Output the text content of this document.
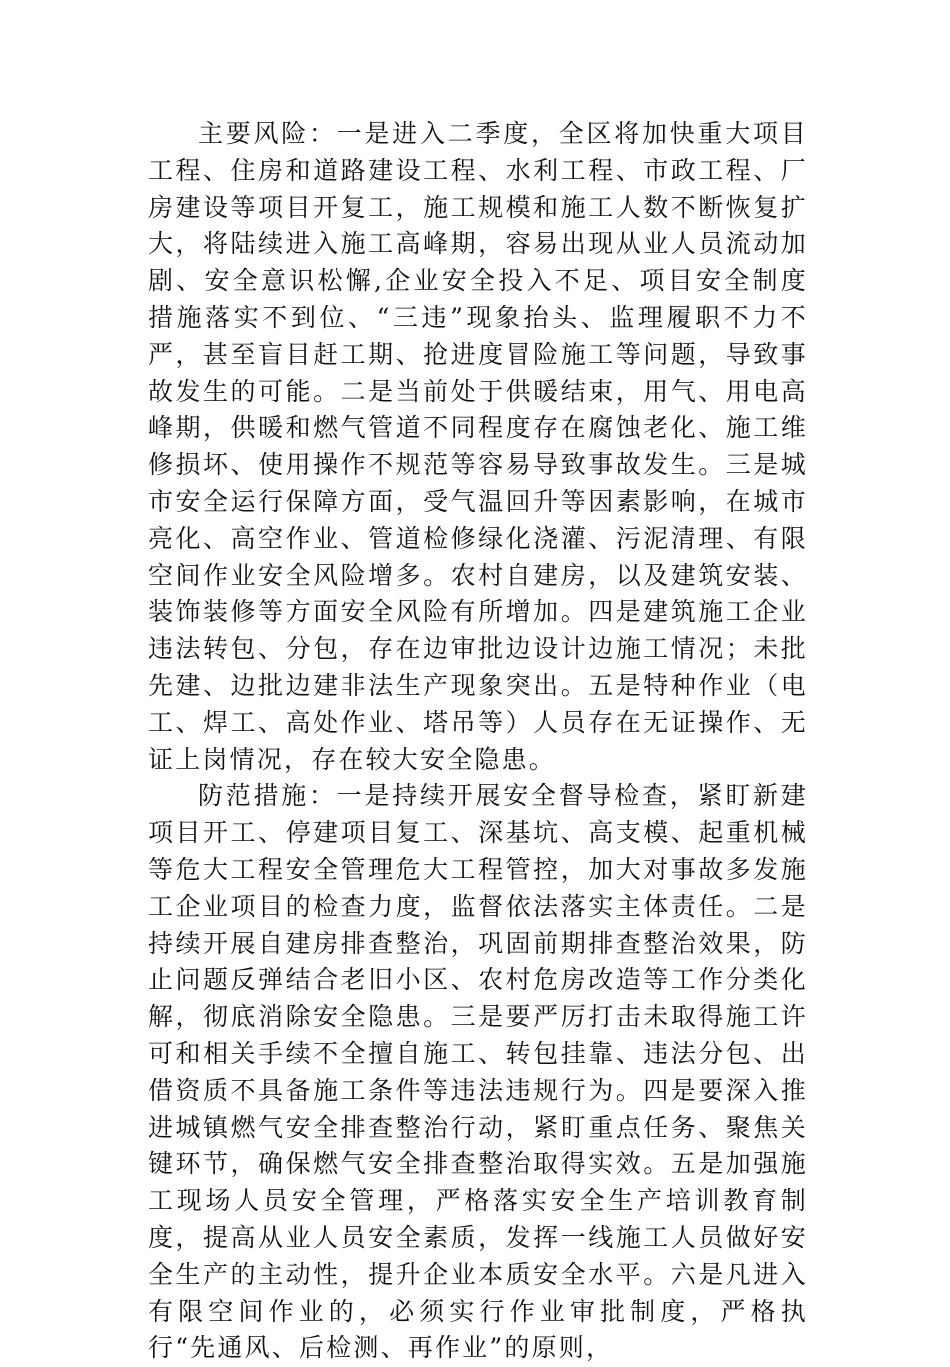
主要风险：一是进入二季度，全区将加快重大项目工程、住房和道路建设工程、水利工程、市政工程、厂房建设等项目开复工，施工规模和施工人数不断恢复扩大，将陆续进入施工高峰期，容易出现从业人员流动加剧、安全意识松懈,企业安全投入不足、项目安全制度措施落实不到位、“三违”现象抬头、监理履职不力不严，甚至盲目赶工期、抢进度冒险施工等问题，导致事故发生的可能。二是当前处于供暖结束，用气、用电高峰期，供暖和燃气管道不同程度存在腐蚀老化、施工维修损坏、使用操作不规范等容易导致事故发生。三是城市安全运行保障方面，受气温回升等因素影响，在城市亮化、高空作业、管道检修绿化浇灌、污泥清理、有限空间作业安全风险增多。农村自建房，以及建筑安装、装饰装修等方面安全风险有所增加。四是建筑施工企业违法转包、分包，存在边审批边设计边施工情况；未批先建、边批边建非法生产现象突出。五是特种作业（电工、焊工、高处作业、塔吊等）人员存在无证操作、无证上岗情况，存在较大安全隐患。

防范措施：一是持续开展安全督导检查，紧盯新建项目开工、停建项目复工、深基坑、高支模、起重机械等危大工程安全管理危大工程管控，加大对事故多发施工企业项目的检查力度，监督依法落实主体责任。二是持续开展自建房排查整治，巩固前期排查整治效果，防止问题反弹结合老旧小区、农村危房改造等工作分类化解，彻底消除安全隐患。三是要严厉打击未取得施工许可和相关手续不全擅自施工、转包挂靠、违法分包、出借资质不具备施工条件等违法违规行为。四是要深入推进城镇燃气安全排查整治行动，紧盯重点任务、聚焦关键环节，确保燃气安全排查整治取得实效。五是加强施工现场人员安全管理，严格落实安全生产培训教育制度，提高从业人员安全素质，发挥一线施工人员做好安全生产的主动性，提升企业本质安全水平。六是凡进入有限空间作业的，必须实行作业审批制度，严格执行“先通风、后检测、再作业”的原则，
